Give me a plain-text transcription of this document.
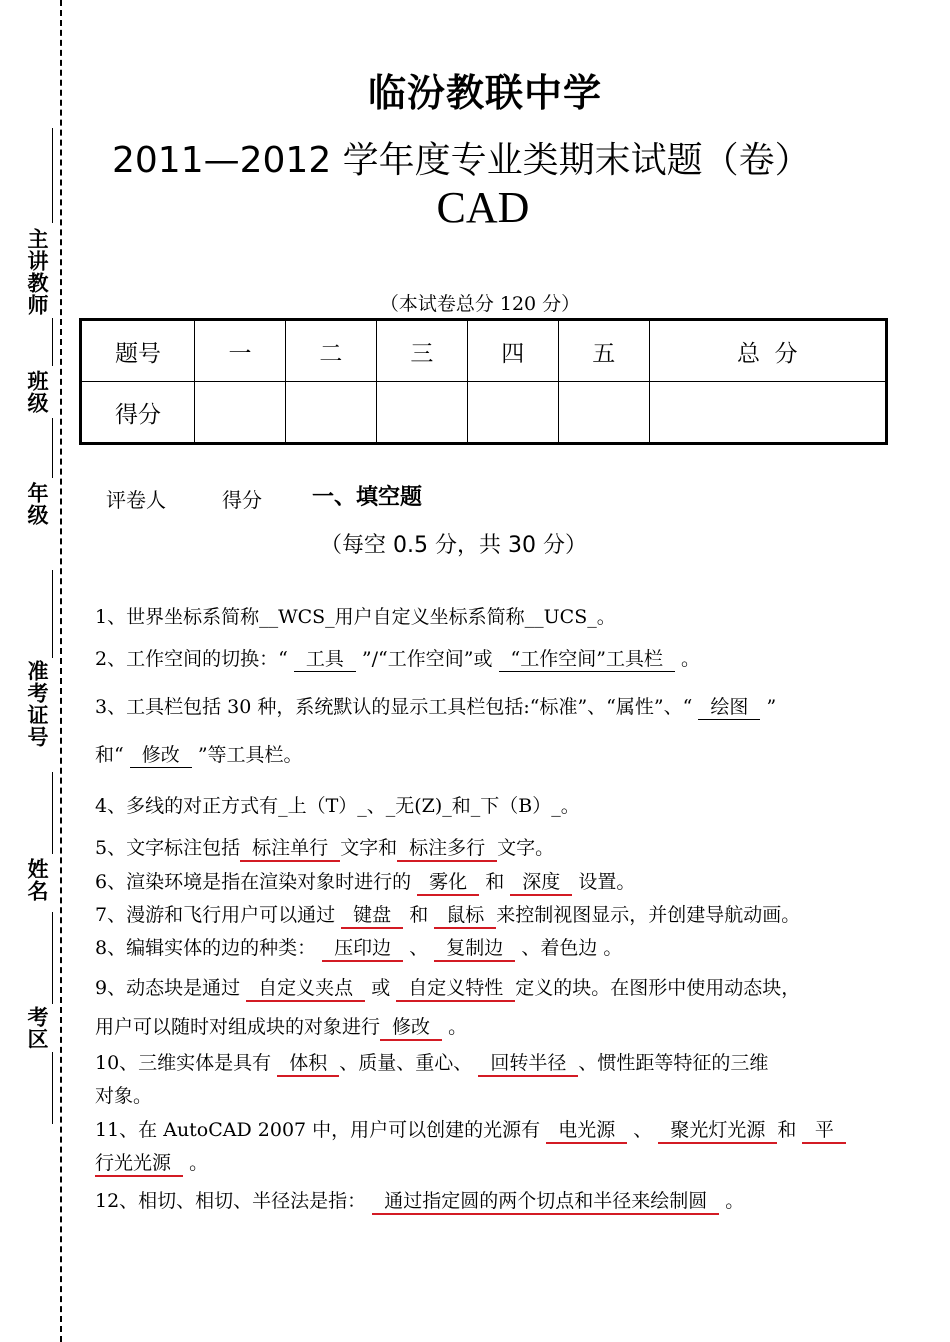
主讲教师
班级
年级
准考证号
姓名
考区
临汾教联中学
2011—2012 学年度专业类期末试题（卷）
CAD
（本试卷总分 120 分）
题号	一	二	三	四	五	总  分
得分						
评卷人	得分 一、填空题
（每空 0.5 分，共 30 分）
1、世界坐标系简称__WCS_用户自定义坐标系简称__UCS_。
2、工作空间的切换：“ 工具 ”/“工作空间”或 “工作空间”工具栏 。
3、工具栏包括 30 种，系统默认的显示工具栏包括:“标准”、“属性”、“ 绘图 ”
和“ 修改 ”等工具栏。
4、多线的对正方式有_上（T）_、_无(Z)_和_下（B）_。
5、文字标注包括 标注单行 文字和 标注多行 文字。
6、渲染环境是指在渲染对象时进行的 雾化 和 深度 设置。
7、漫游和飞行用户可以通过 键盘 和 鼠标 来控制视图显示，并创建导航动画。
8、编辑实体的边的种类： 压印边 、 复制边 、着色边 。
9、动态块是通过 自定义夹点 或 自定义特性 定义的块。在图形中使用动态块，
用户可以随时对组成块的对象进行 修改 。
10、三维实体是具有 体积 、质量、重心、 回转半径 、惯性距等特征的三维
对象。
11、在 AutoCAD 2007 中，用户可以创建的光源有 电光源 、 聚光灯光源 和 平
行光光源 。
12、相切、相切、半径法是指： 通过指定圆的两个切点和半径来绘制圆 。
